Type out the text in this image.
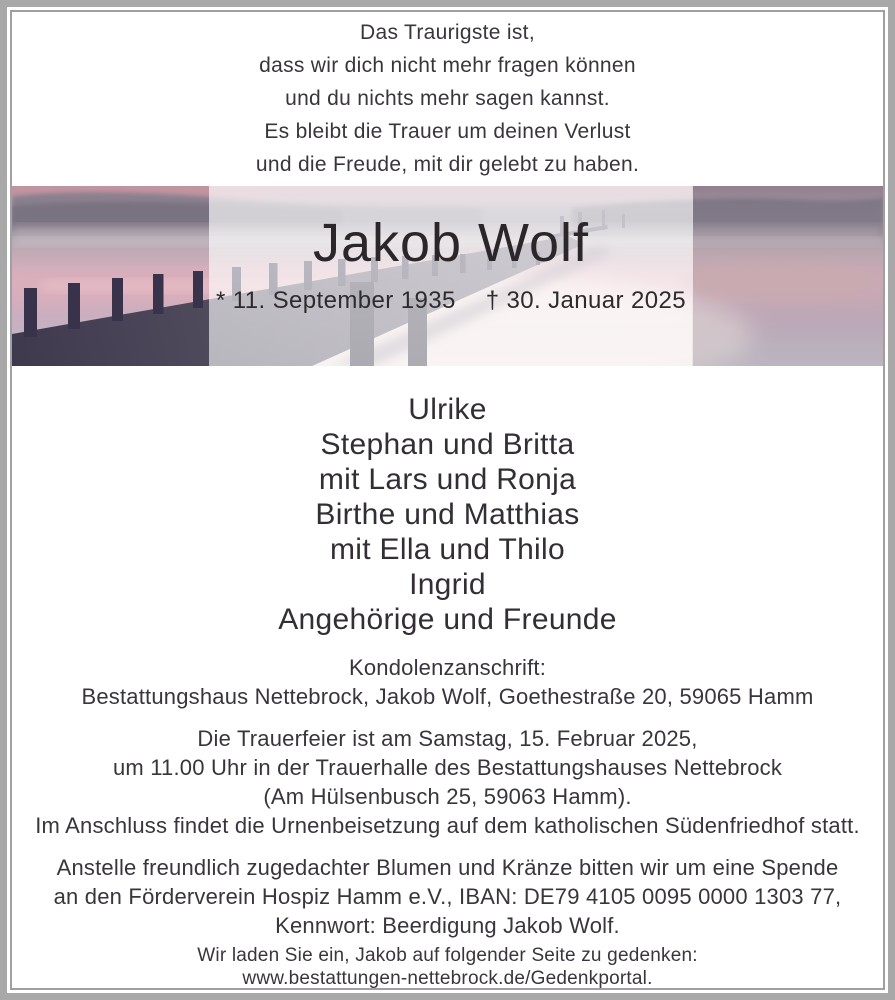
Das Traurigste ist,
dass wir dich nicht mehr fragen können
und du nichts mehr sagen kannst.
Es bleibt die Trauer um deinen Verlust
und die Freude, mit dir gelebt zu haben.
Jakob Wolf
* 11. September 1935 † 30. Januar 2025
Ulrike
Stephan und Britta
mit Lars und Ronja
Birthe und Matthias
mit Ella und Thilo
Ingrid
Angehörige und Freunde
Kondolenzanschrift:
Bestattungshaus Nettebrock, Jakob Wolf, Goethestraße 20, 59065 Hamm
Die Trauerfeier ist am Samstag, 15. Februar 2025,
um 11.00 Uhr in der Trauerhalle des Bestattungshauses Nettebrock
(Am Hülsenbusch 25, 59063 Hamm).
Im Anschluss findet die Urnenbeisetzung auf dem katholischen Südenfriedhof statt.
Anstelle freundlich zugedachter Blumen und Kränze bitten wir um eine Spende
an den Förderverein Hospiz Hamm e.V., IBAN: DE79 4105 0095 0000 1303 77,
Kennwort: Beerdigung Jakob Wolf.
Wir laden Sie ein, Jakob auf folgender Seite zu gedenken:
www.bestattungen-nettebrock.de/Gedenkportal.
